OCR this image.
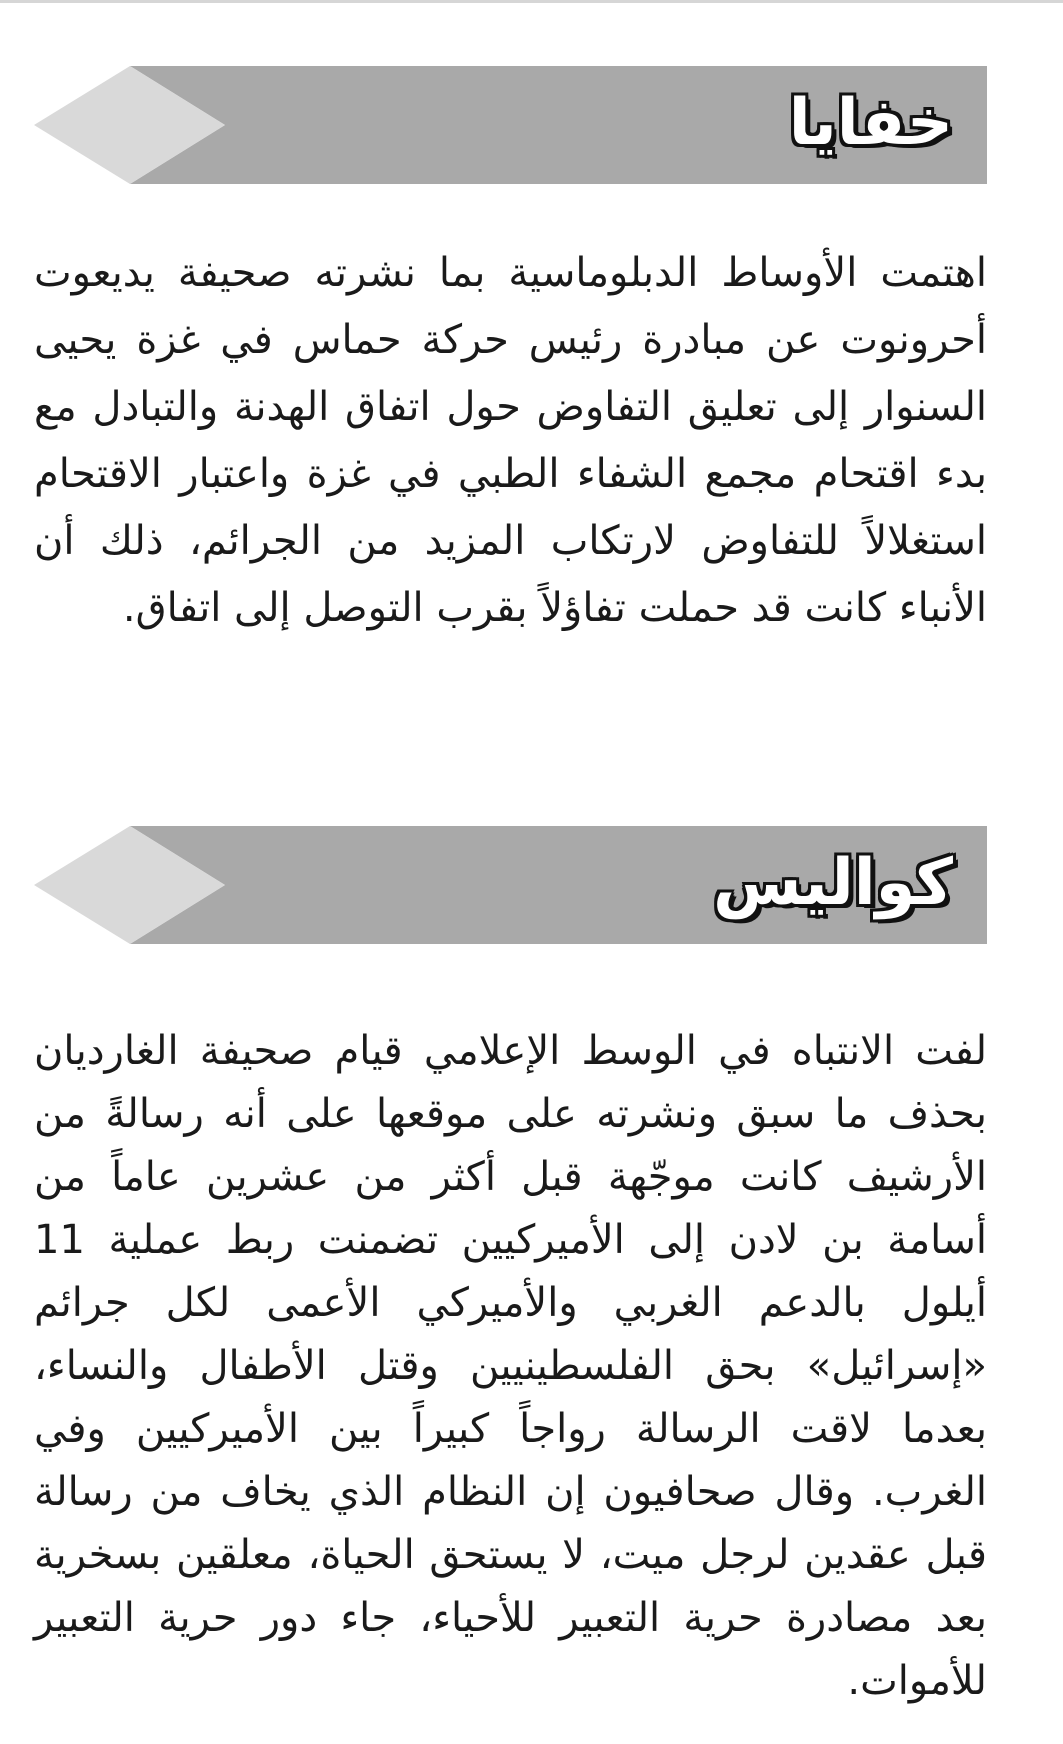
خفايا

اهتمت الأوساط الدبلوماسية بما نشرته صحيفة يديعوت أحرونوت عن مبادرة رئيس حركة حماس في غزة يحيى السنوار إلى تعليق التفاوض حول اتفاق الهدنة والتبادل مع بدء اقتحام مجمع الشفاء الطبي في غزة واعتبار الاقتحام استغلالاً للتفاوض لارتكاب المزيد من الجرائم، ذلك أن الأنباء كانت قد حملت تفاؤلاً بقرب التوصل إلى اتفاق.

كواليس

لفت الانتباه في الوسط الإعلامي قيام صحيفة الغارديان بحذف ما سبق ونشرته على موقعها على أنه رسالةً من الأرشيف كانت موجّهة قبل أكثر من عشرين عاماً من أسامة بن لادن إلى الأميركيين تضمنت ربط عملية 11 أيلول بالدعم الغربي والأميركي الأعمى لكل جرائم «إسرائيل» بحق الفلسطينيين وقتل الأطفال والنساء، بعدما لاقت الرسالة رواجاً كبيراً بين الأميركيين وفي الغرب. وقال صحافيون إن النظام الذي يخاف من رسالة قبل عقدين لرجل ميت، لا يستحق الحياة، معلقين بسخرية بعد مصادرة حرية التعبير للأحياء، جاء دور حرية التعبير للأموات.
